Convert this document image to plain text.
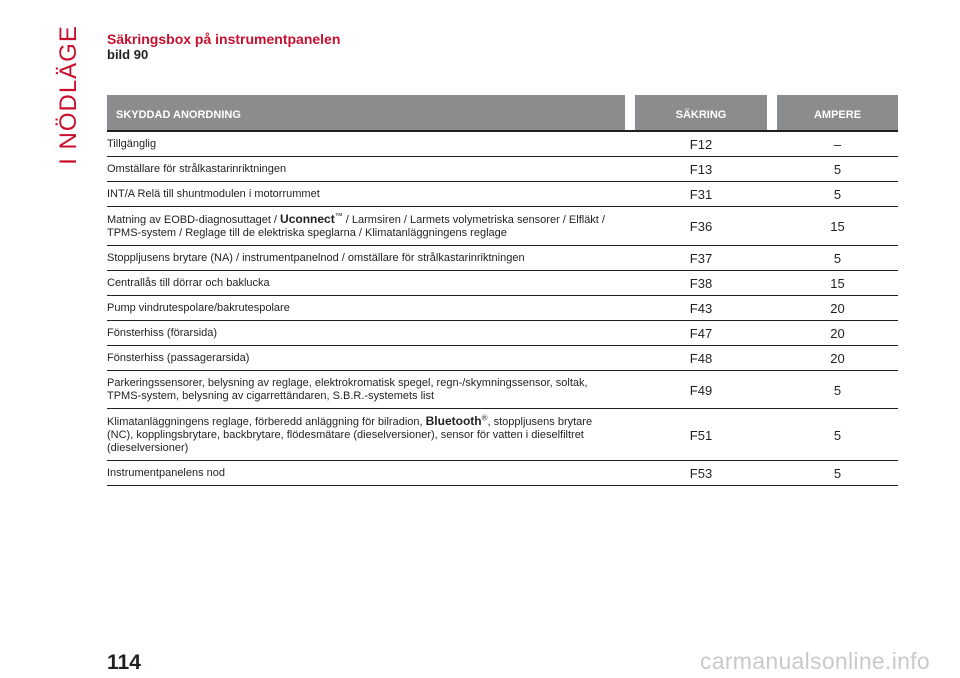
I NÖDLÄGE Säkringsbox på instrumentpanelen
bild 90
SKYDDAD ANORDNING		SÄKRING		AMPERE
Tillgänglig		F12		–
Omställare för strålkastarinriktningen		F13		5
INT/A Relä till shuntmodulen i motorrummet		F31		5
Matning av EOBD-diagnosuttaget / Uconnect™ / Larmsiren / Larmets volymetriska sensorer / Elfläkt / TPMS-system / Reglage till de elektriska speglarna / Klimatanläggningens reglage		F36		15
Stoppljusens brytare (NA) / instrumentpanelnod / omställare för strålkastarinriktningen		F37		5
Centrallås till dörrar och baklucka		F38		15
Pump vindrutespolare/bakrutespolare		F43		20
Fönsterhiss (förarsida)		F47		20
Fönsterhiss (passagerarsida)		F48		20
Parkeringssensorer, belysning av reglage, elektrokromatisk spegel, regn-/skymningssensor, soltak, TPMS-system, belysning av cigarrettändaren, S.B.R.-systemets list		F49		5
Klimatanläggningens reglage, förberedd anläggning för bilradion, Bluetooth®, stoppljusens brytare (NC), kopplingsbrytare, backbrytare, flödesmätare (dieselversioner), sensor för vatten i dieselfiltret (dieselversioner)		F51		5
Instrumentpanelens nod		F53		5
114	carmanualsonline.info
